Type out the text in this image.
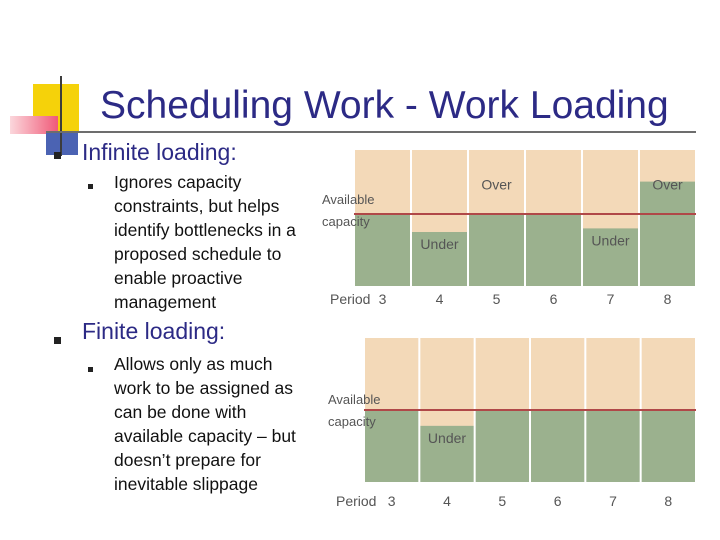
Scheduling Work - Work Loading
Infinite loading:

Ignores capacity constraints, but helps identify bottlenecks in a proposed schedule to enable proactive management

Finite loading:

Allows only as much work to be assigned as can be done with available capacity – but doesn’t prepare for inevitable slippage

3	4	5	6	7	8
Under
Over
Under
Over
Available
capacity
Period
3	4	5	6	7	8
Under
Available
capacity
Period
